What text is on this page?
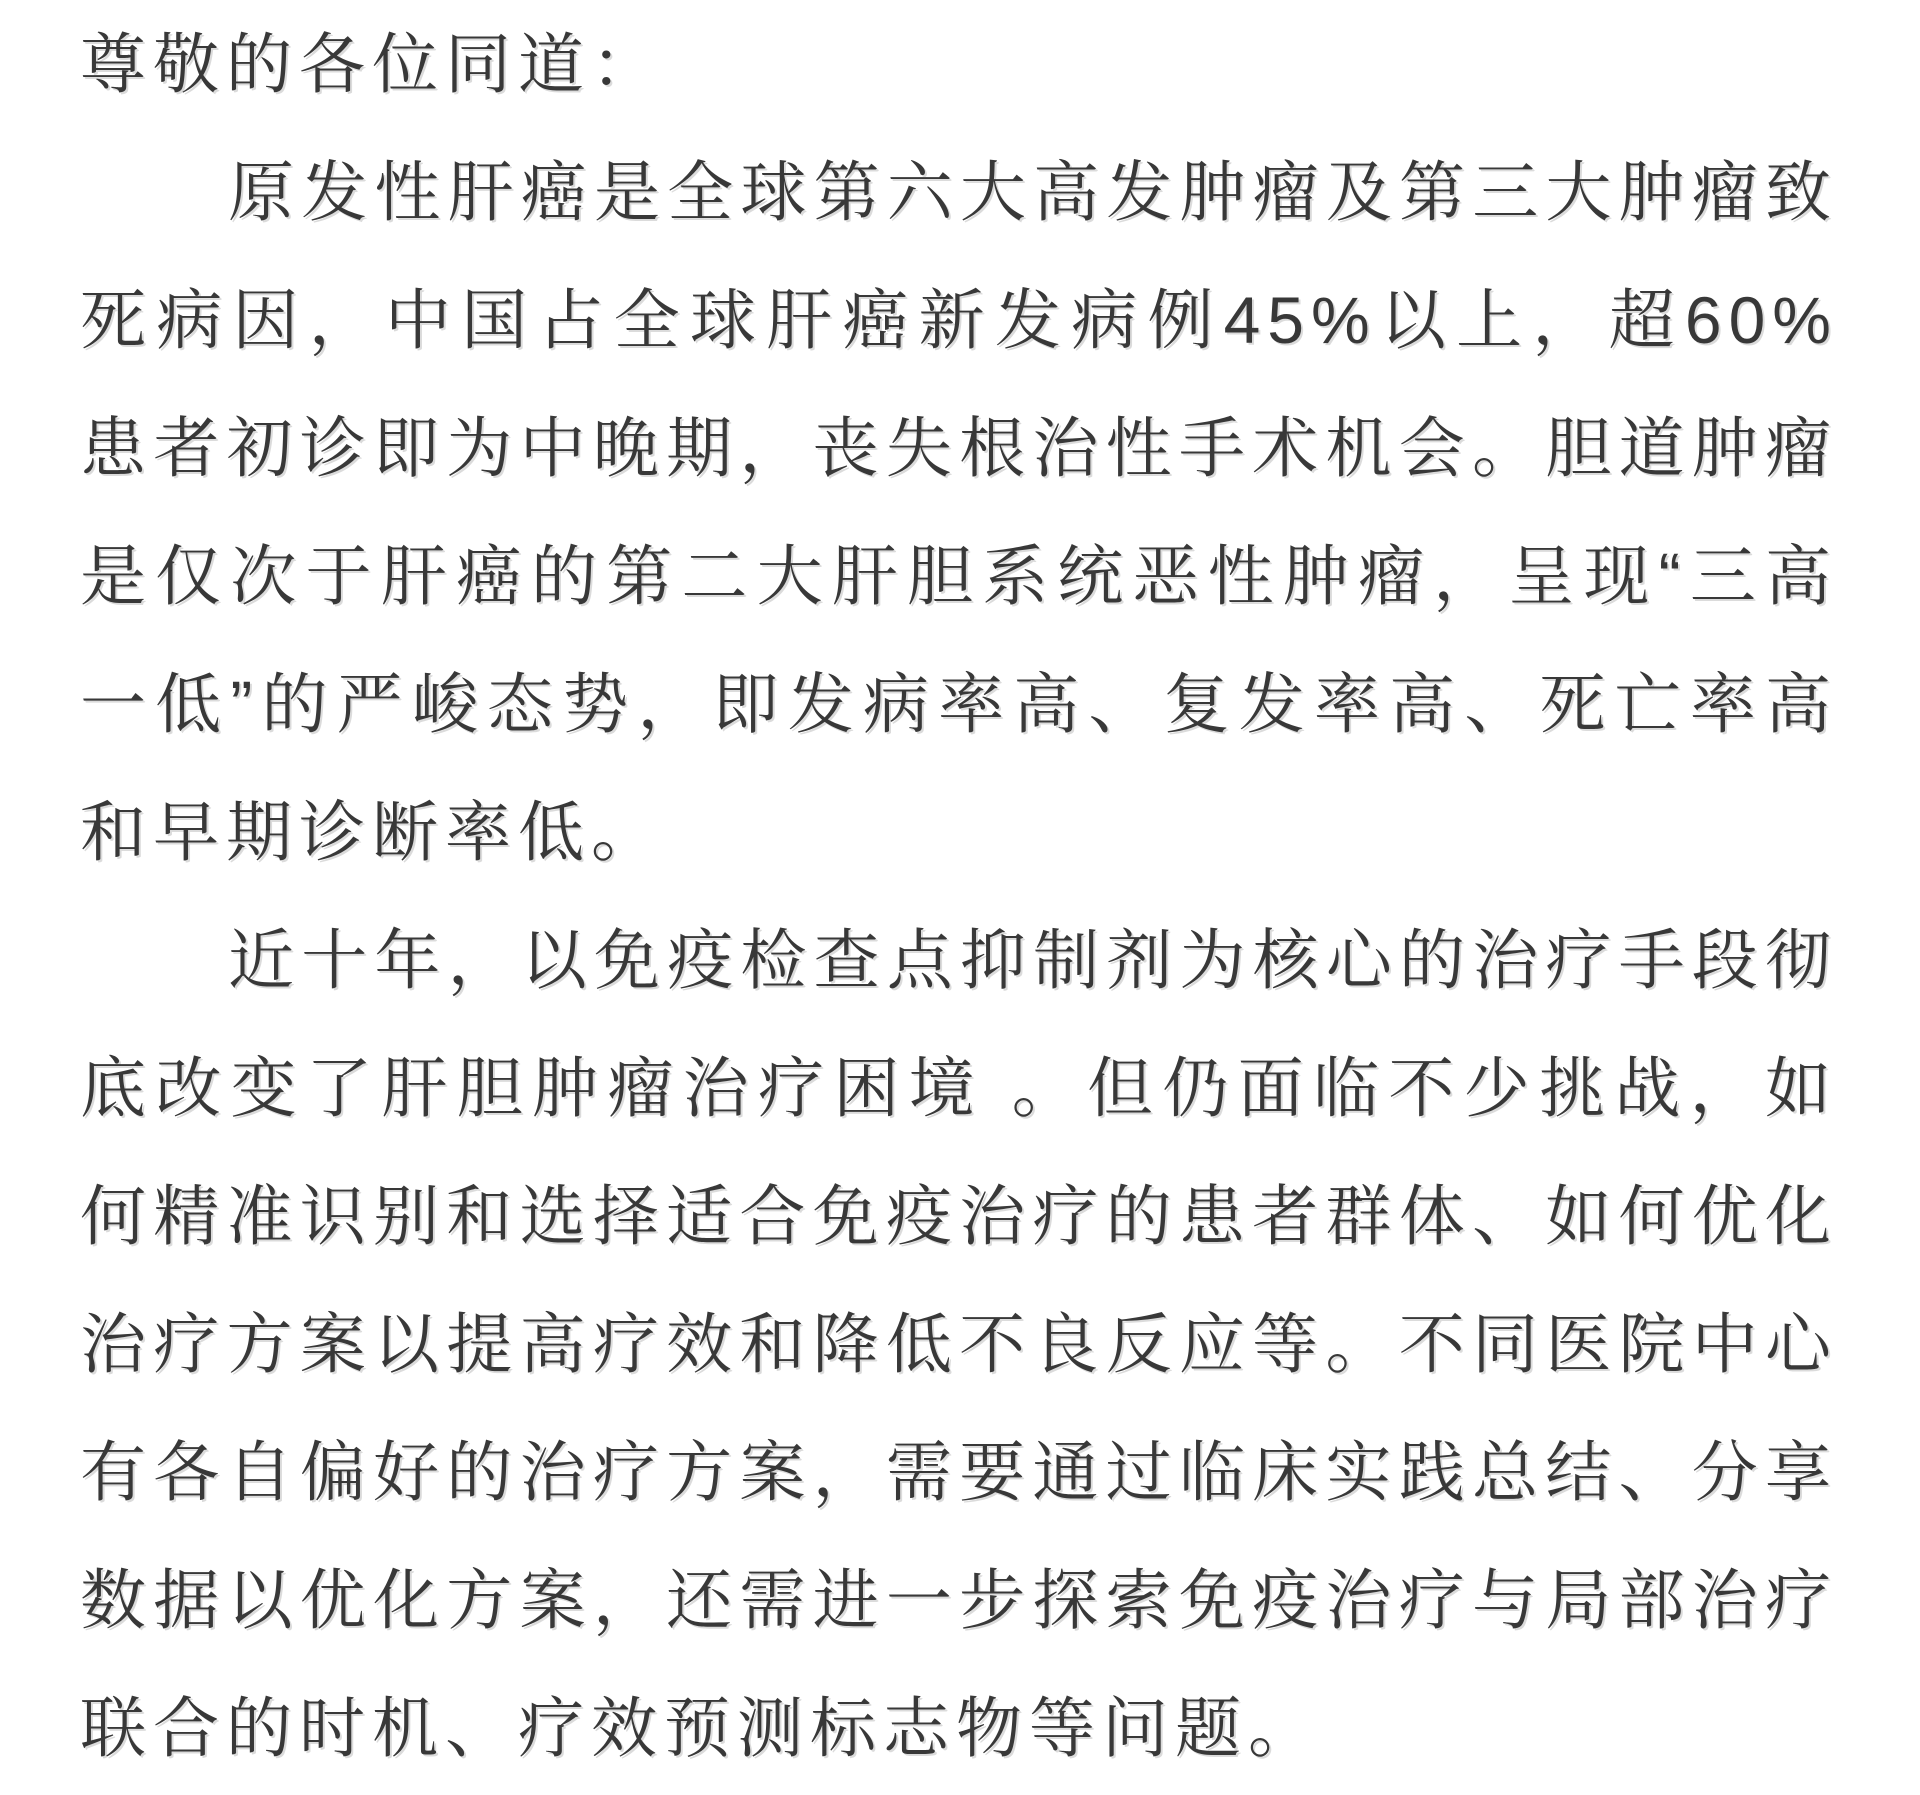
尊敬的各位同道：

原发性肝癌是全球第六大高发肿瘤及第三大肿瘤致死病因，中国占全球肝癌新发病例45%以上，超60%患者初诊即为中晚期，丧失根治性手术机会。胆道肿瘤是仅次于肝癌的第二大肝胆系统恶性肿瘤，呈现“三高一低”的严峻态势，即发病率高、复发率高、死亡率高和早期诊断率低。

近十年，以免疫检查点抑制剂为核心的治疗手段彻底改变了肝胆肿瘤治疗困境 。但仍面临不少挑战，如何精准识别和选择适合免疫治疗的患者群体、如何优化治疗方案以提高疗效和降低不良反应等。不同医院中心有各自偏好的治疗方案，需要通过临床实践总结、分享数据以优化方案，还需进一步探索免疫治疗与局部治疗联合的时机、疗效预测标志物等问题。
